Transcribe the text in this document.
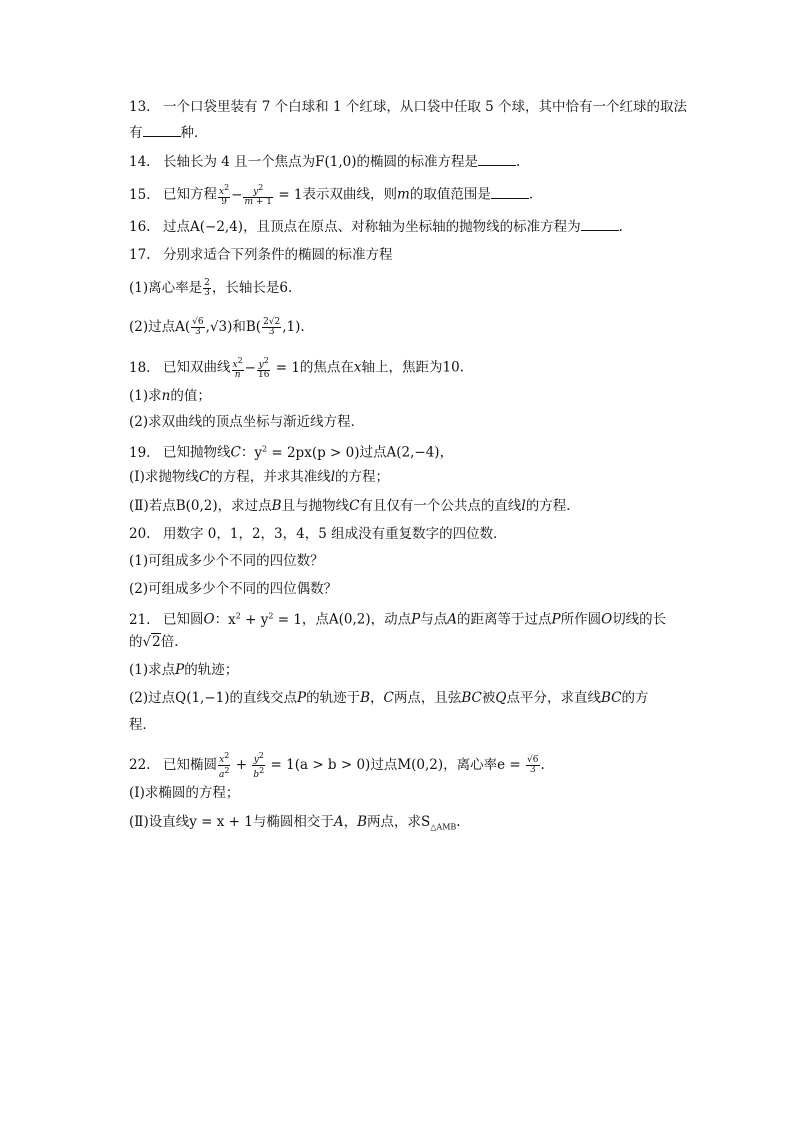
13. 一个口袋里装有 7 个白球和 1 个红球，从口袋中任取 5 个球，其中恰有一个红球的取法
有	种．
14. 长轴长为 4 且一个焦点为F(1,0)的椭圆的标准方程是	.
15. 已知方程 $\frac{x^2}{9} - \frac{y^2}{m + 1} = 1$表示双曲线，则m的取值范围是	.
16. 过点A(−2,4)，且顶点在原点、对称轴为坐标轴的抛物线的标准方程为	.
17. 分别求适合下列条件的椭圆的标准方程
(1)离心率是 $\frac{2}{3}$ ，长轴长是6.
(2)过点$A( \frac{√6}{3} ,√3)$和$B( \frac{2√2}{3} ,1)$.
18. 已知双曲线 $\frac{x^2}{n} - \frac{y^2}{16} = 1$的焦点在x轴上，焦距为10.
(1)求n的值；
(2)求双曲线的顶点坐标与渐近线方程．
19. 已知抛物线C：$y^2 = 2px(p > 0)$过点A(2,−4)，
(Ⅰ)求抛物线C的方程，并求其准线l的方程；
(Ⅱ)若点B(0,2)，求过点B且与抛物线C有且仅有一个公共点的直线l的方程．
20. 用数字 0，1，2，3，4，5 组成没有重复数字的四位数．
(1)可组成多少个不同的四位数？
(2)可组成多少个不同的四位偶数？
21. 已知圆O：$x^2 + y^2 = 1$，点A(0,2)，动点P与点A的距离等于过点P所作圆O切线的长
的√2倍．
(1)求点P的轨迹；
(2)过点Q(1,−1)的直线交点P的轨迹于B，C两点，且弦BC被Q点平分，求直线BC的方
程．
22. 已知椭圆 $\frac{x^2}{a^2} + \frac{y^2}{b^2} = 1(a > b > 0)$过点M(0,2)，离心率$e = \frac{√6}{3}$ .
(Ⅰ)求椭圆的方程；
(Ⅱ)设直线y = x + 1与椭圆相交于A，B两点，求$S_{\triangle AMB}$.
